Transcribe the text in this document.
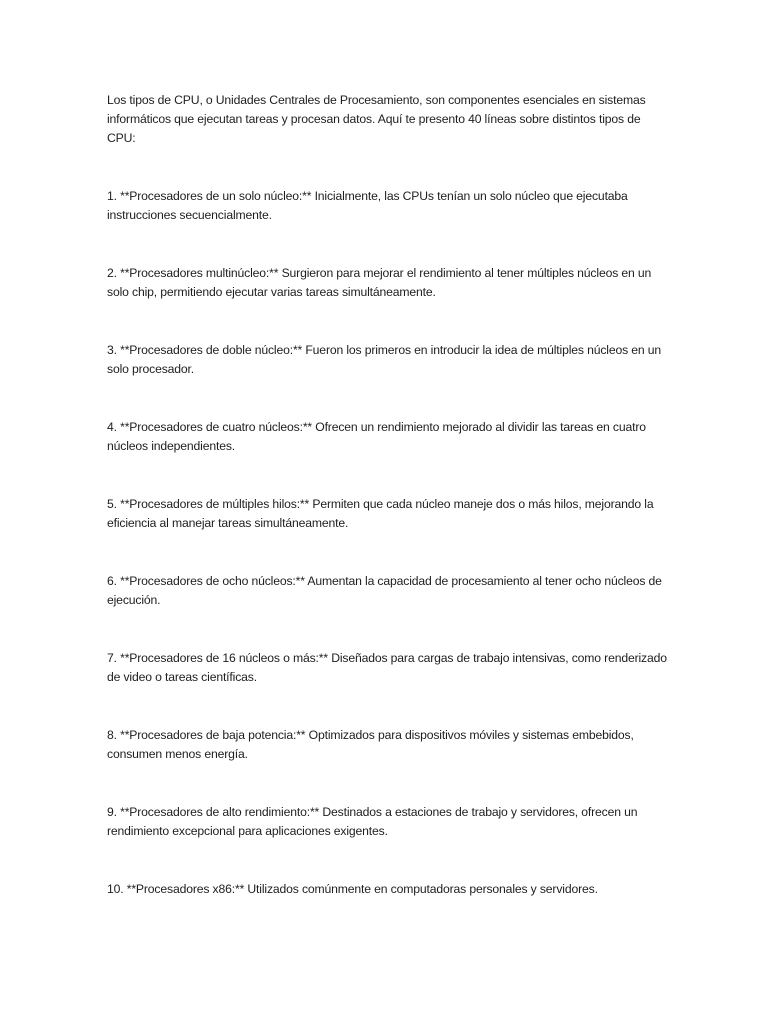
Los tipos de CPU, o Unidades Centrales de Procesamiento, son componentes esenciales en sistemas informáticos que ejecutan tareas y procesan datos. Aquí te presento 40 líneas sobre distintos tipos de CPU:

1. **Procesadores de un solo núcleo:** Inicialmente, las CPUs tenían un solo núcleo que ejecutaba instrucciones secuencialmente.

2. **Procesadores multinúcleo:** Surgieron para mejorar el rendimiento al tener múltiples núcleos en un solo chip, permitiendo ejecutar varias tareas simultáneamente.

3. **Procesadores de doble núcleo:** Fueron los primeros en introducir la idea de múltiples núcleos en un solo procesador.

4. **Procesadores de cuatro núcleos:** Ofrecen un rendimiento mejorado al dividir las tareas en cuatro núcleos independientes.

5. **Procesadores de múltiples hilos:** Permiten que cada núcleo maneje dos o más hilos, mejorando la eficiencia al manejar tareas simultáneamente.

6. **Procesadores de ocho núcleos:** Aumentan la capacidad de procesamiento al tener ocho núcleos de ejecución.

7. **Procesadores de 16 núcleos o más:** Diseñados para cargas de trabajo intensivas, como renderizado de video o tareas científicas.

8. **Procesadores de baja potencia:** Optimizados para dispositivos móviles y sistemas embebidos, consumen menos energía.

9. **Procesadores de alto rendimiento:** Destinados a estaciones de trabajo y servidores, ofrecen un rendimiento excepcional para aplicaciones exigentes.

10. **Procesadores x86:** Utilizados comúnmente en computadoras personales y servidores.
